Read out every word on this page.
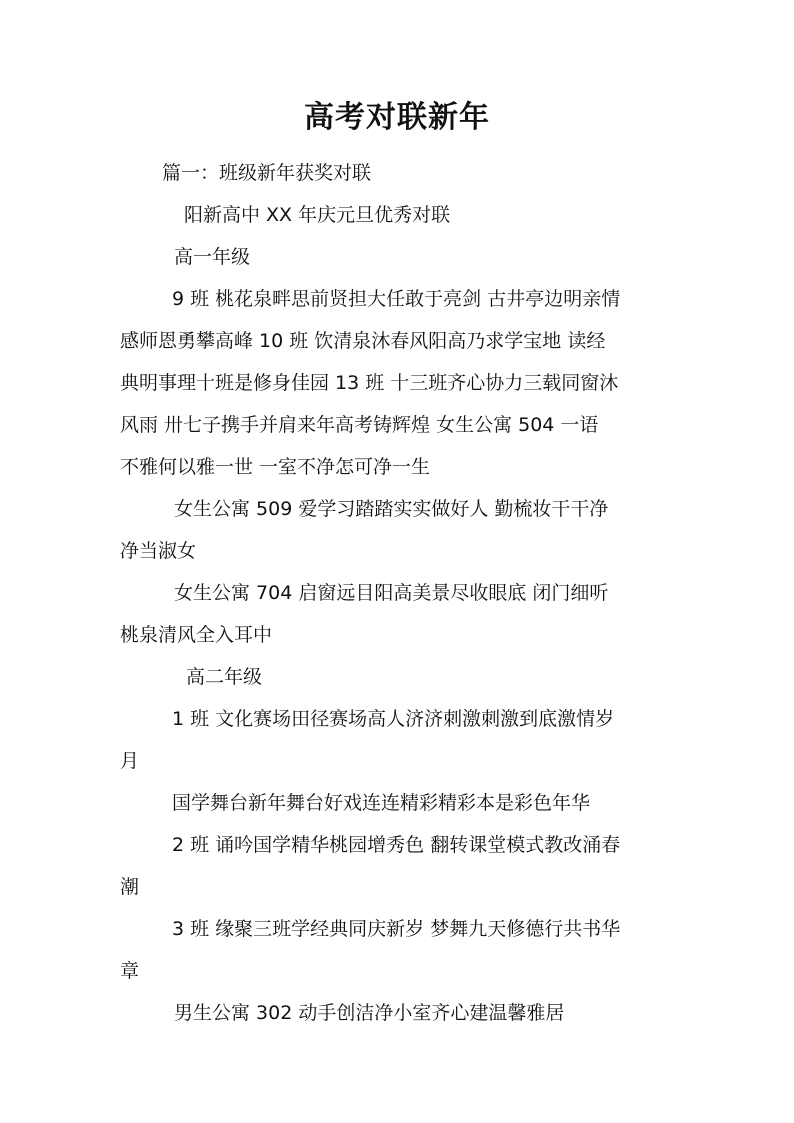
高考对联新年
篇一：班级新年获奖对联
阳新高中 XX 年庆元旦优秀对联
高一年级
9 班 桃花泉畔思前贤担大任敢于亮剑 古井亭边明亲情
感师恩勇攀高峰 10 班 饮清泉沐春风阳高乃求学宝地 读经
典明事理十班是修身佳园 13 班 十三班齐心协力三载同窗沐
风雨 卅七子携手并肩来年高考铸辉煌 女生公寓 504 一语
不雅何以雅一世 一室不净怎可净一生
女生公寓 509 爱学习踏踏实实做好人 勤梳妆干干净
净当淑女
女生公寓 704 启窗远目阳高美景尽收眼底 闭门细听
桃泉清风全入耳中
高二年级
1 班 文化赛场田径赛场高人济济刺激刺激到底激情岁
月
国学舞台新年舞台好戏连连精彩精彩本是彩色年华
2 班 诵吟国学精华桃园增秀色 翻转课堂模式教改涌春
潮
3 班 缘聚三班学经典同庆新岁 梦舞九天修德行共书华
章
男生公寓 302 动手创洁净小室齐心建温馨雅居
